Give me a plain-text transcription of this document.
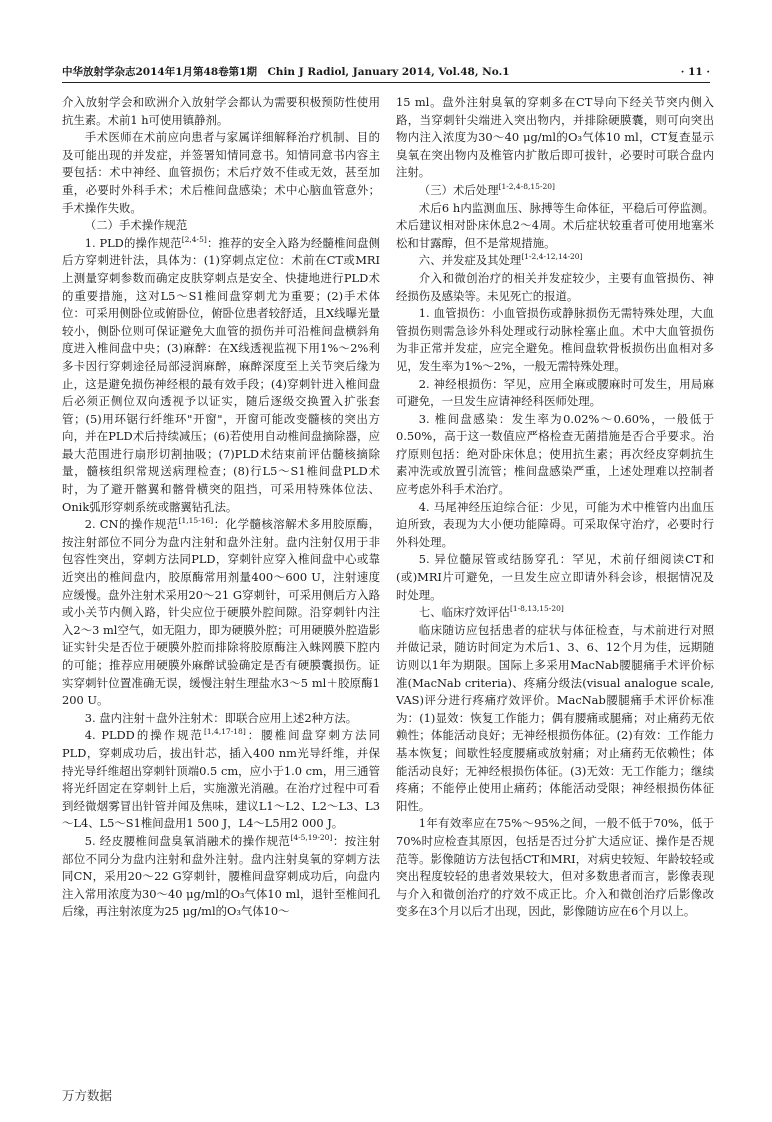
中华放射学杂志2014年1月第48卷第1期　Chin J Radiol, January 2014, Vol.48, No.1	· 11 ·

介入放射学会和欧洲介入放射学会都认为需要积极预防性使用抗生素。术前1 h可使用镇静剂。

手术医师在术前应向患者与家属详细解释治疗机制、目的及可能出现的并发症，并签署知情同意书。知情同意书内容主要包括：术中神经、血管损伤；术后疗效不佳或无效，甚至加重，必要时外科手术；术后椎间盘感染；术中心脑血管意外；手术操作失败。

（二）手术操作规范

1. PLD的操作规范[2,4-5]：推荐的安全入路为经髓椎间盘侧后方穿刺进针法，具体为：(1)穿刺点定位：术前在CT或MRI上测量穿刺参数而确定皮肤穿刺点是安全、快捷地进行PLD术的重要措施，这对L5～S1椎间盘穿刺尤为重要；(2)手术体位：可采用侧卧位或俯卧位，俯卧位患者较舒适，且X线曝光量较小，侧卧位则可保证避免大血管的损伤并可沿椎间盘横斜角度进入椎间盘中央；(3)麻醉：在X线透视监视下用1%～2%利多卡因行穿刺途径局部浸润麻醉，麻醉深度至上关节突后缘为止，这是避免损伤神经根的最有效手段；(4)穿刺针进入椎间盘后必须正侧位双向透视予以证实，随后逐级交换置入扩张套管；(5)用环锯行纤维环"开窗"，开窗可能改变髓核的突出方向，并在PLD术后持续减压；(6)若使用自动椎间盘摘除器，应最大范围进行扇形切割抽吸；(7)PLD术结束前评估髓核摘除量，髓核组织常规送病理检查；(8)行L5～S1椎间盘PLD术时，为了避开髂翼和髂骨横突的阻挡，可采用特殊体位法、Onik弧形穿刺系统或髂翼钻孔法。

2. CN的操作规范[1,15-16]：化学髓核溶解术多用胶原酶，按注射部位不同分为盘内注射和盘外注射。盘内注射仅用于非包容性突出，穿刺方法同PLD，穿刺针应穿入椎间盘中心或靠近突出的椎间盘内，胶原酶常用剂量400～600 U，注射速度应缓慢。盘外注射术采用20～21 G穿刺针，可采用侧后方入路或小关节内侧入路，针尖应位于硬膜外腔间隙。沿穿刺针内注入2～3 ml空气，如无阻力，即为硬膜外腔；可用硬膜外腔造影证实针尖是否位于硬膜外腔而排除将胶原酶注入蛛网膜下腔内的可能；推荐应用硬膜外麻醉试验确定是否有硬膜囊损伤。证实穿刺针位置准确无误，缓慢注射生理盐水3～5 ml＋胶原酶1 200 U。

3. 盘内注射＋盘外注射术：即联合应用上述2种方法。

4. PLDD的操作规范[1,4,17-18]：腰椎间盘穿刺方法同PLD，穿刺成功后，拔出针芯，插入400 nm光导纤维，并保持光导纤维超出穿刺针顶端0.5 cm，应小于1.0 cm，用三通管将光纤固定在穿刺针上后，实施激光消融。在治疗过程中可看到经微烟雾冒出针管并闻及焦味，建议L1～L2、L2～L3、L3～L4、L5～S1椎间盘用1 500 J，L4～L5用2 000 J。

5. 经皮腰椎间盘臭氧消融术的操作规范[4-5,19-20]：按注射部位不同分为盘内注射和盘外注射。盘内注射臭氧的穿刺方法同CN，采用20～22 G穿刺针，腰椎间盘穿刺成功后，向盘内注入常用浓度为30～40 μg/ml的O₃气体10 ml，退针至椎间孔后缘，再注射浓度为25 μg/ml的O₃气体10～

15 ml。盘外注射臭氧的穿刺多在CT导向下经关节突内侧入路，当穿刺针尖端进入突出物内，并排除硬膜囊，则可向突出物内注入浓度为30～40 μg/ml的O₃气体10 ml，CT复查显示臭氧在突出物内及椎管内扩散后即可拔针，必要时可联合盘内注射。

（三）术后处理[1-2,4-8,15-20]

术后6 h内监测血压、脉搏等生命体征，平稳后可停监测。术后建议相对卧床休息2～4周。术后症状较重者可使用地塞米松和甘露醇，但不是常规措施。

六、并发症及其处理[1-2,4-12,14-20]

介入和微创治疗的相关并发症较少，主要有血管损伤、神经损伤及感染等。未见死亡的报道。

1. 血管损伤：小血管损伤或静脉损伤无需特殊处理，大血管损伤则需急诊外科处理或行动脉栓塞止血。术中大血管损伤为非正常并发症，应完全避免。椎间盘软骨板损伤出血相对多见，发生率为1%～2%，一般无需特殊处理。

2. 神经根损伤：罕见，应用全麻或腰麻时可发生，用局麻可避免，一旦发生应请神经科医师处理。

3. 椎间盘感染：发生率为0.02%～0.60%，一般低于0.50%，高于这一数值应严格检查无菌措施是否合乎要求。治疗原则包括：绝对卧床休息；使用抗生素；再次经皮穿刺抗生素冲洗或放置引流管；椎间盘感染严重，上述处理难以控制者应考虑外科手术治疗。

4. 马尾神经压迫综合征：少见，可能为术中椎管内出血压迫所致，表现为大小便功能障碍。可采取保守治疗，必要时行外科处理。

5. 异位髓尿管或结肠穿孔：罕见，术前仔细阅读CT和(或)MRI片可避免，一旦发生应立即请外科会诊，根据情况及时处理。

七、临床疗效评估[1-8,13,15-20]

临床随访应包括患者的症状与体征检查，与术前进行对照并做记录，随访时间定为术后1、3、6、12个月为佳，远期随访则以1年为期限。国际上多采用MacNab腰腿痛手术评价标准(MacNab criteria)、疼痛分级法(visual analogue scale, VAS)评分进行疼痛疗效评价。MacNab腰腿痛手术评价标准为：(1)显效：恢复工作能力；偶有腰痛或腿痛；对止痛药无依赖性；体能活动良好；无神经根损伤体征。(2)有效：工作能力基本恢复；间歇性轻度腰痛或放射痛；对止痛药无依赖性；体能活动良好；无神经根损伤体征。(3)无效：无工作能力；继续疼痛；不能停止使用止痛药；体能活动受限；神经根损伤体征阳性。

1年有效率应在75%～95%之间，一般不低于70%，低于70%时应检查其原因，包括是否过分扩大适应证、操作是否规范等。影像随访方法包括CT和MRI，对病史较短、年龄较轻或突出程度较轻的患者效果较大，但对多数患者而言，影像表现与介入和微创治疗的疗效不成正比。介入和微创治疗后影像改变多在3个月以后才出现，因此，影像随访应在6个月以上。

万方数据
